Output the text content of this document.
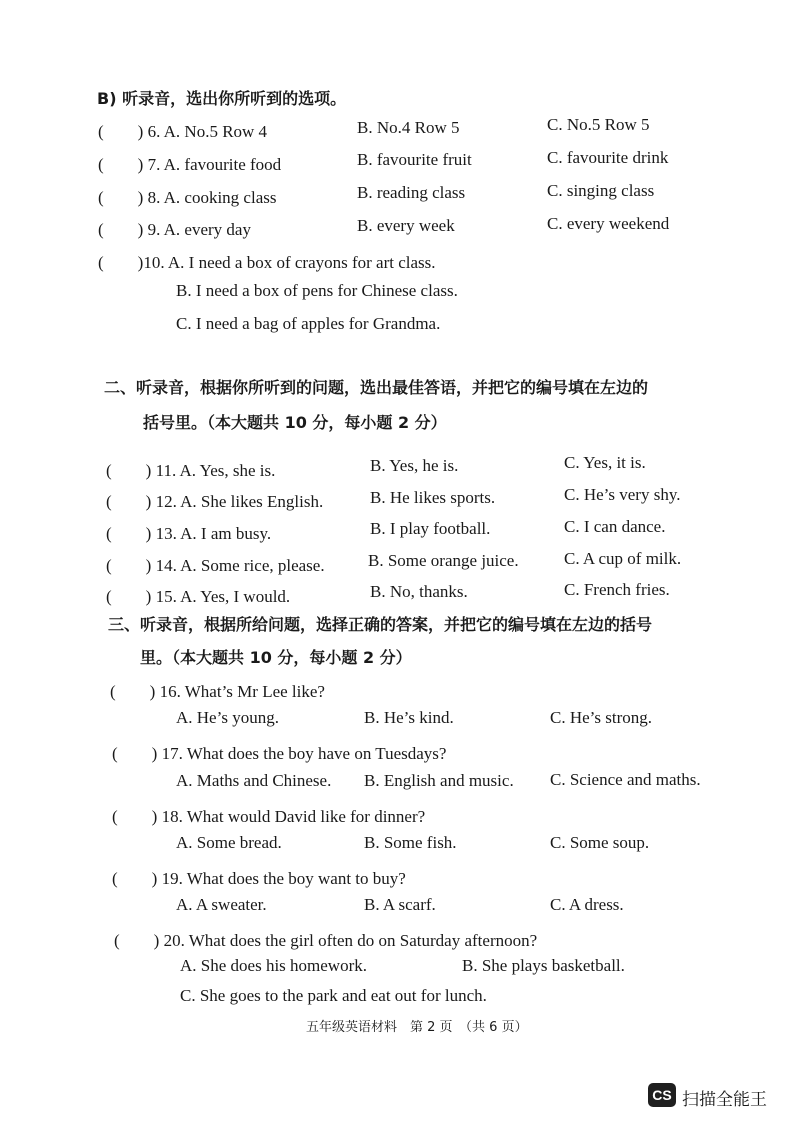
B) 听录音，选出你所听到的选项。
(　　) 6. A. No.5 Row 4	B. No.4 Row 5	C. No.5 Row 5
(　　) 7. A. favourite food	B. favourite fruit	C. favourite drink
(　　) 8. A. cooking class	B. reading class	C. singing class
(　　) 9. A. every day	B. every week	C. every weekend
(　　)10. A. I need a box of crayons for art class.
B. I need a box of pens for Chinese class.
C. I need a bag of apples for Grandma.
二、听录音，根据你所听到的问题，选出最佳答语，并把它的编号填在左边的
括号里。（本大题共 10 分，每小题 2 分）
(　　) 11. A. Yes, she is.	B. Yes, he is.	C. Yes, it is.
(　　) 12. A. She likes English.	B. He likes sports.	C. He’s very shy.
(　　) 13. A. I am busy.	B. I play football.	C. I can dance.
(　　) 14. A. Some rice, please.	B. Some orange juice.	C. A cup of milk.
(　　) 15. A. Yes, I would.	B. No, thanks.	C. French fries.
三、听录音，根据所给问题，选择正确的答案，并把它的编号填在左边的括号
里。（本大题共 10 分，每小题 2 分）
(　　) 16. What’s Mr Lee like?
A. He’s young.	B. He’s kind.	C. He’s strong.
(　　) 17. What does the boy have on Tuesdays?
A. Maths and Chinese. B. English and music. C. Science and maths.
(　　) 18. What would David like for dinner?
A. Some bread.	B. Some fish.	C. Some soup.
(　　) 19. What does the boy want to buy?
A. A sweater.	B. A scarf.	C. A dress.
(　　) 20. What does the girl often do on Saturday afternoon?
A. She does his homework.	B. She plays basketball.
C. She goes to the park and eat out for lunch.
五年级英语材料　第 2 页　（共 6 页）
CS 扫描全能王
